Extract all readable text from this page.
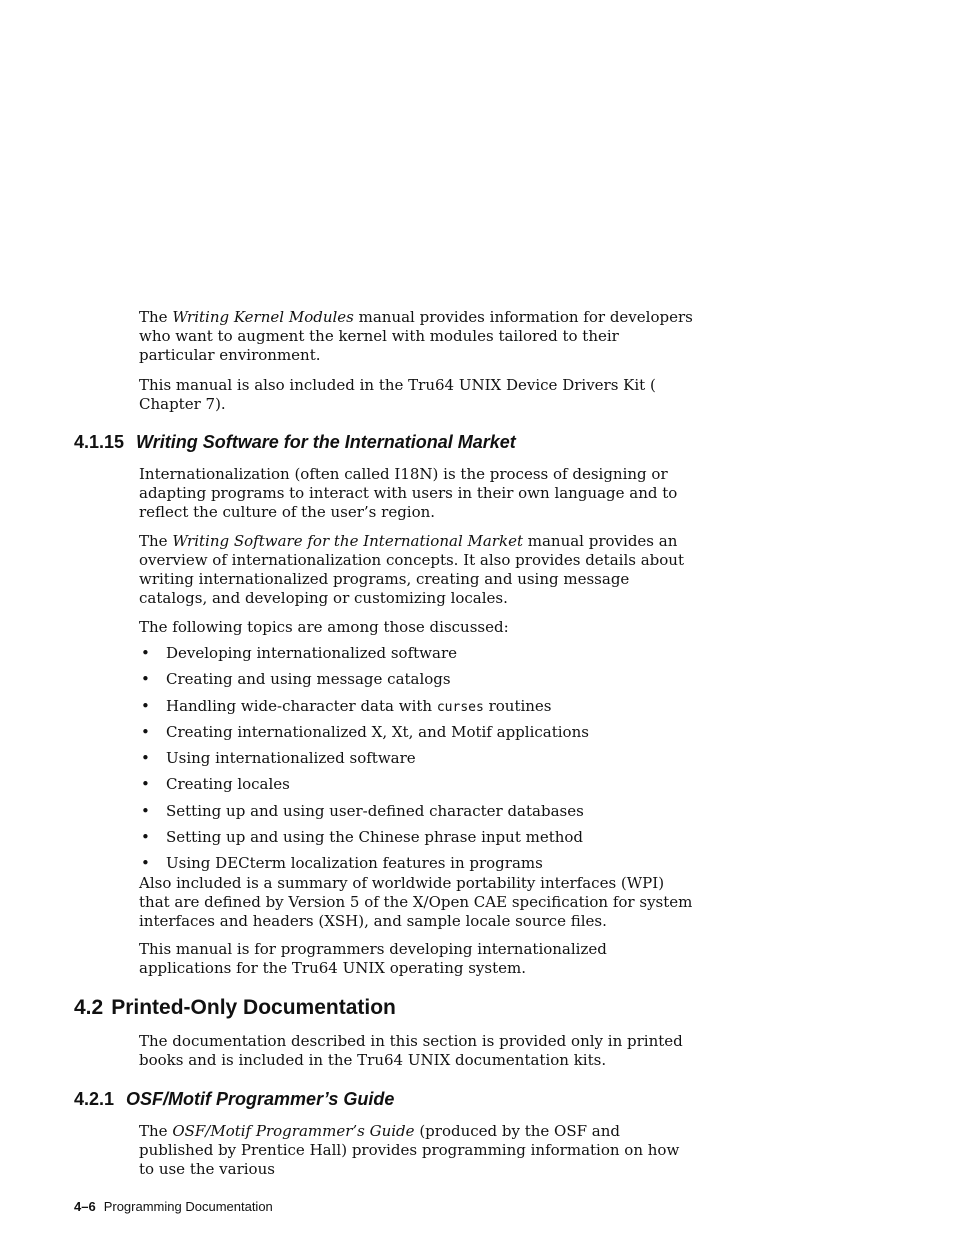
The Writing Kernel Modules manual provides information for developers who want to augment the kernel with modules tailored to their particular environment.

This manual is also included in the Tru64 UNIX Device Drivers Kit ( Chapter 7).

4.1.15 Writing Software for the International Market

Internationalization (often called I18N) is the process of designing or adapting programs to interact with users in their own language and to reflect the culture of the user’s region.

The Writing Software for the International Market manual provides an overview of internationalization concepts. It also provides details about writing internationalized programs, creating and using message catalogs, and developing or customizing locales.

The following topics are among those discussed:

• Developing internationalized software
• Creating and using message catalogs
• Handling wide-character data with curses routines
• Creating internationalized X, Xt, and Motif applications
• Using internationalized software
• Creating locales
• Setting up and using user-defined character databases
• Setting up and using the Chinese phrase input method
• Using DECterm localization features in programs

Also included is a summary of worldwide portability interfaces (WPI) that are defined by Version 5 of the X/Open CAE specification for system interfaces and headers (XSH), and sample locale source files.

This manual is for programmers developing internationalized applications for the Tru64 UNIX operating system.

4.2 Printed-Only Documentation

The documentation described in this section is provided only in printed books and is included in the Tru64 UNIX documentation kits.

4.2.1 OSF/Motif Programmer’s Guide

The OSF/Motif Programmer’s Guide (produced by the OSF and published by Prentice Hall) provides programming information on how to use the various

4–6 Programming Documentation
